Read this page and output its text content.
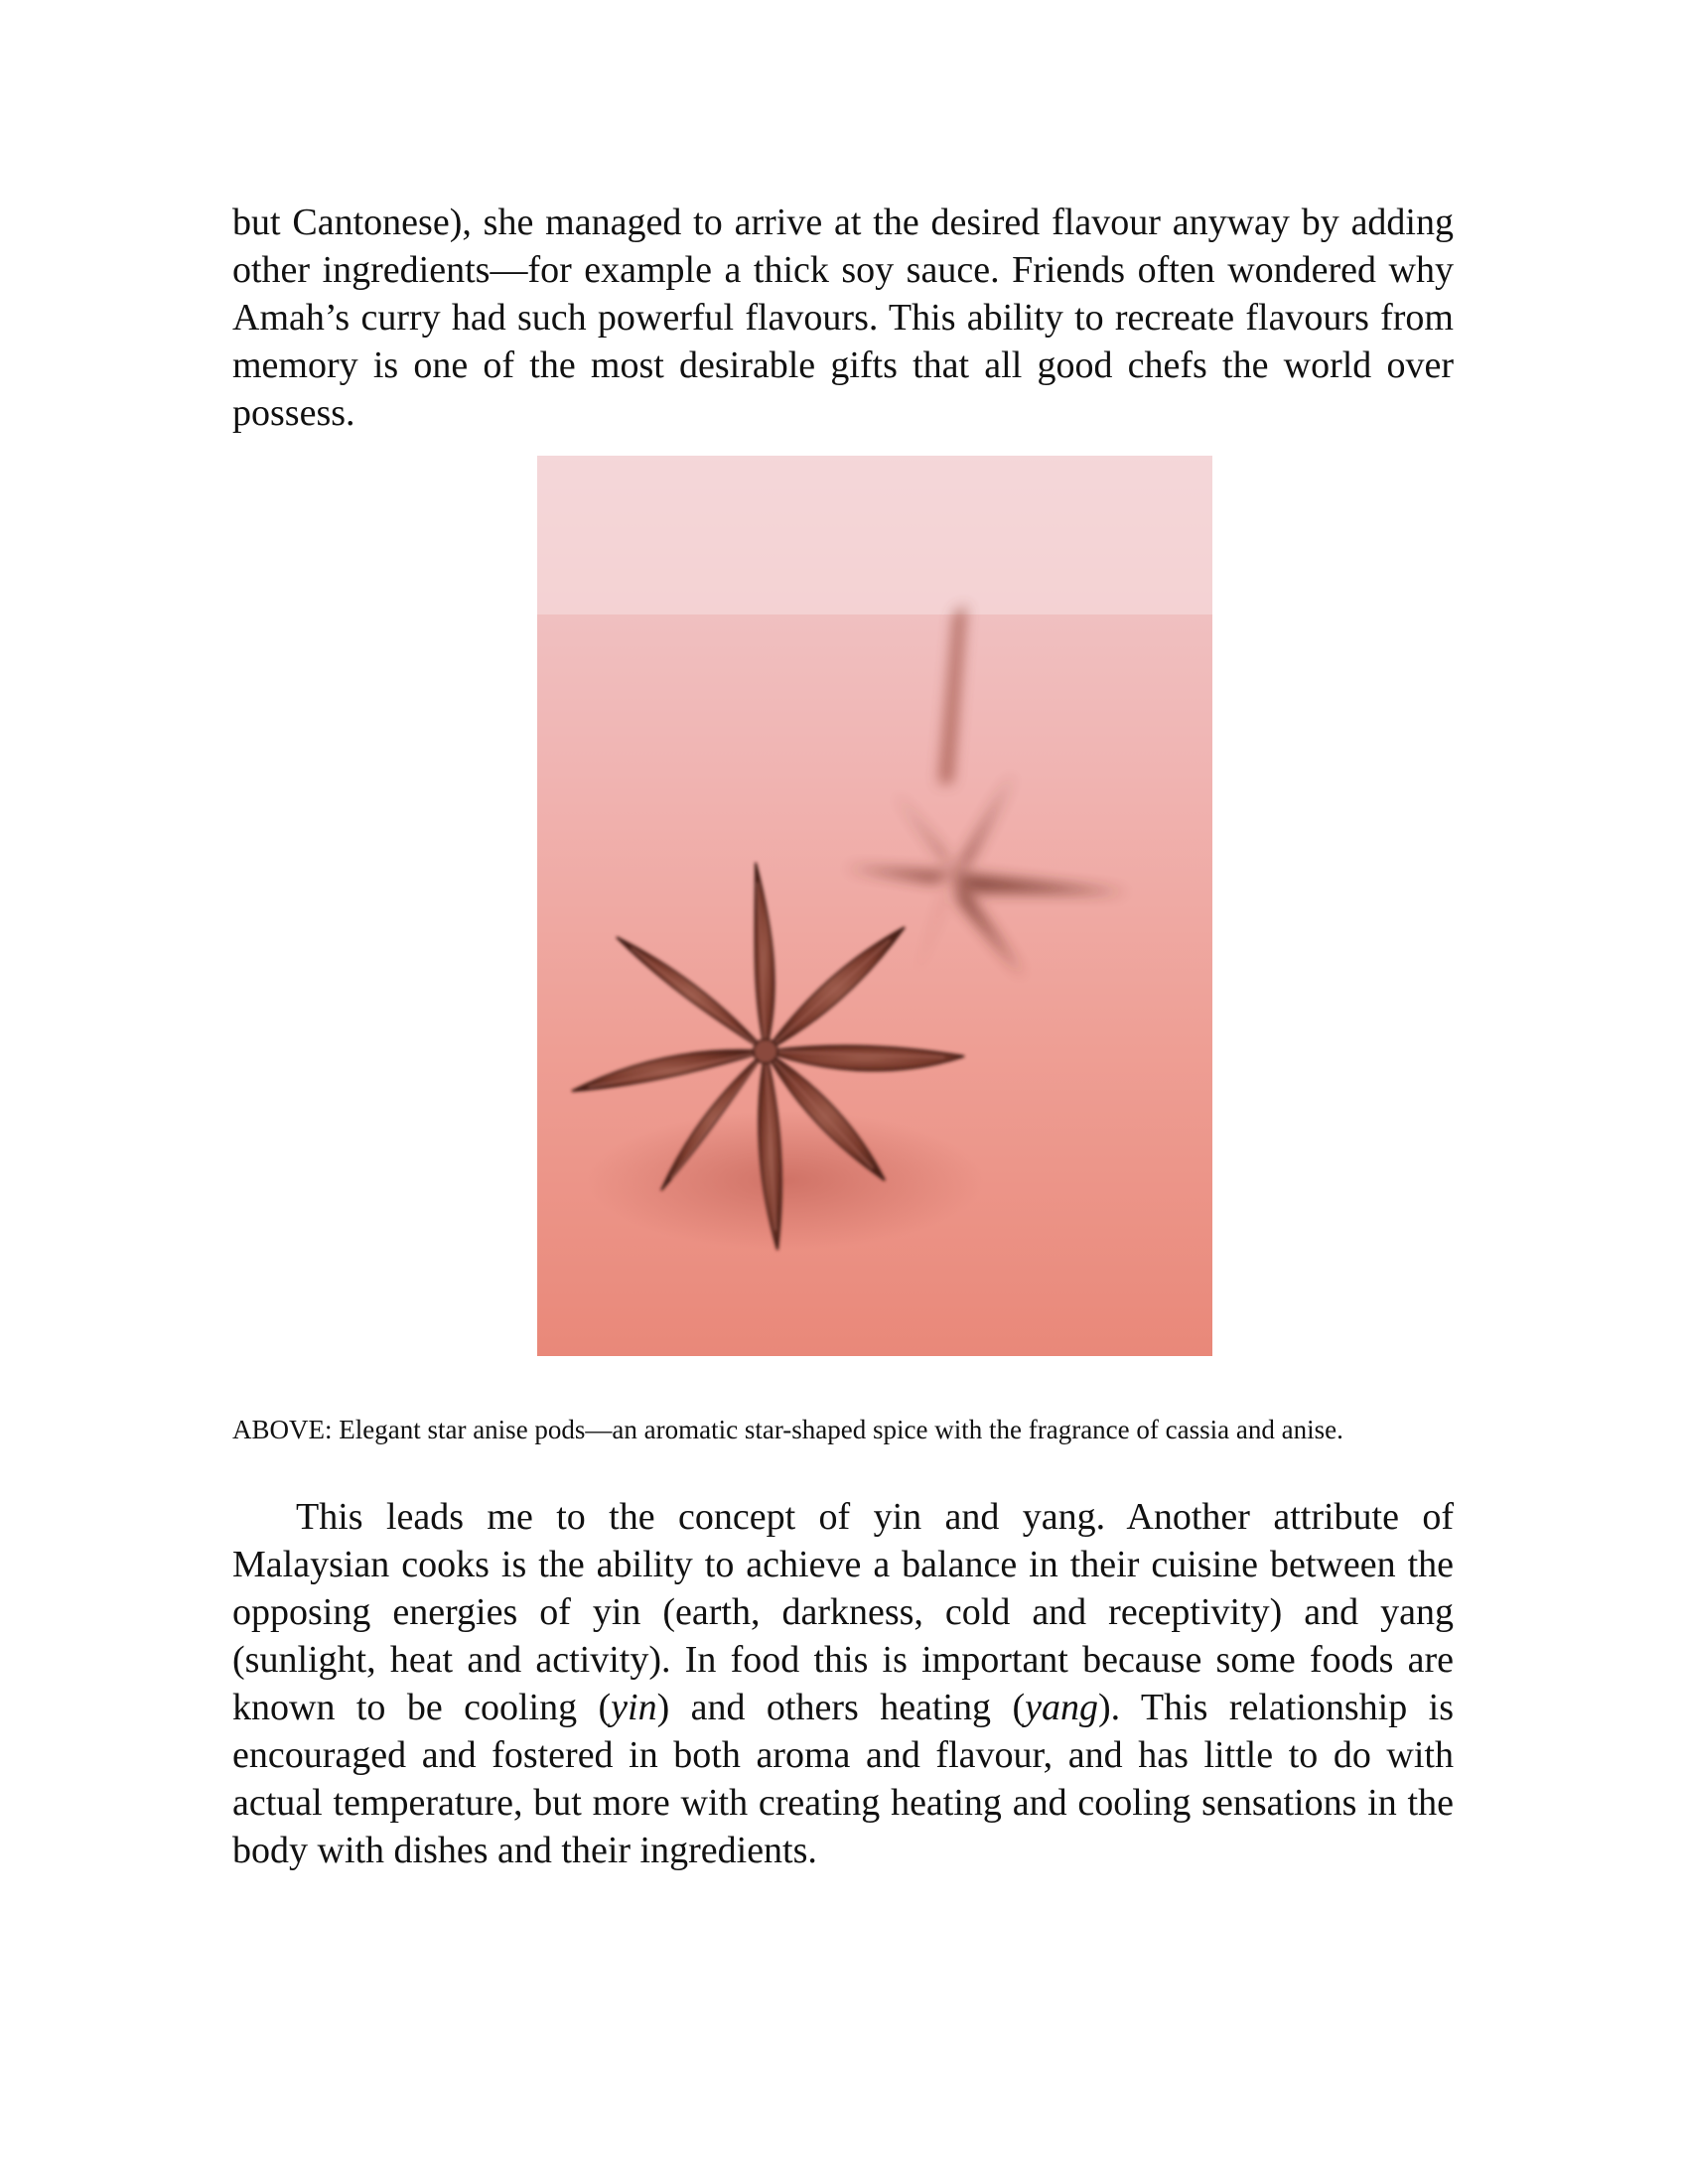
but Cantonese), she managed to arrive at the desired flavour anyway by adding other ingredients—for example a thick soy sauce. Friends often wondered why Amah’s curry had such powerful flavours. This ability to recreate flavours from memory is one of the most desirable gifts that all good chefs the world over possess.

ABOVE: Elegant star anise pods—an aromatic star-shaped spice with the fragrance of cassia and anise.

This leads me to the concept of yin and yang. Another attribute of Malaysian cooks is the ability to achieve a balance in their cuisine between the opposing energies of yin (earth, darkness, cold and receptivity) and yang (sunlight, heat and activity). In food this is important because some foods are known to be cooling (yin) and others heating (yang). This relationship is encouraged and fostered in both aroma and flavour, and has little to do with actual temperature, but more with creating heating and cooling sensations in the body with dishes and their ingredients.
